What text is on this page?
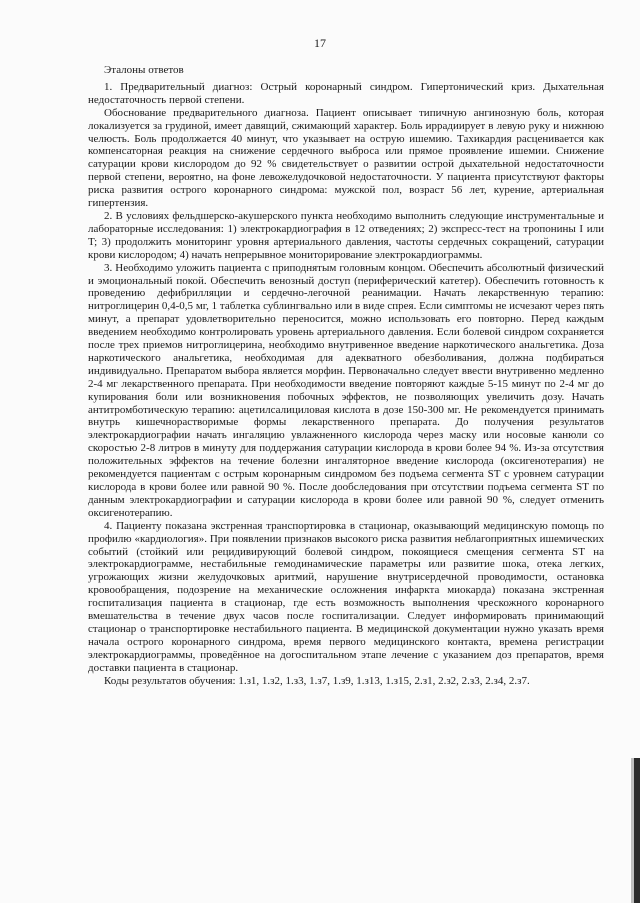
17

Эталоны ответов

1. Предварительный диагноз: Острый коронарный синдром. Гипертонический криз. Дыхательная недостаточность первой степени.

Обоснование предварительного диагноза. Пациент описывает типичную ангинозную боль, которая локализуется за грудиной, имеет давящий, сжимающий характер. Боль иррадиирует в левую руку и нижнюю челюсть. Боль продолжается 40 минут, что указывает на острую ишемию. Тахикардия расценивается как компенсаторная реакция на снижение сердечного выброса или прямое проявление ишемии. Снижение сатурации крови кислородом до 92 % свидетельствует о развитии острой дыхательной недостаточности первой степени, вероятно, на фоне левожелудочковой недостаточности. У пациента присутствуют факторы риска развития острого коронарного синдрома: мужской пол, возраст 56 лет, курение, артериальная гипертензия.

2. В условиях фельдшерско-акушерского пункта необходимо выполнить следующие инструментальные и лабораторные исследования: 1) электрокардиография в 12 отведениях; 2) экспресс-тест на тропонины I или T; 3) продолжить мониторинг уровня артериального давления, частоты сердечных сокращений, сатурации крови кислородом; 4) начать непрерывное мониторирование электрокардиограммы.

3. Необходимо уложить пациента с приподнятым головным концом. Обеспечить абсолютный физический и эмоциональный покой. Обеспечить венозный доступ (периферический катетер). Обеспечить готовность к проведению дефибрилляции и сердечно-легочной реанимации. Начать лекарственную терапию: нитроглицерин 0,4-0,5 мг, 1 таблетка сублингвально или в виде спрея. Если симптомы не исчезают через пять минут, а препарат удовлетворительно переносится, можно использовать его повторно. Перед каждым введением необходимо контролировать уровень артериального давления. Если болевой синдром сохраняется после трех приемов нитроглицерина, необходимо внутривенное введение наркотического анальгетика. Доза наркотического анальгетика, необходимая для адекватного обезболивания, должна подбираться индивидуально. Препаратом выбора является морфин. Первоначально следует ввести внутривенно медленно 2-4 мг лекарственного препарата. При необходимости введение повторяют каждые 5-15 минут по 2-4 мг до купирования боли или возникновения побочных эффектов, не позволяющих увеличить дозу. Начать антитромботическую терапию: ацетилсалициловая кислота в дозе 150-300 мг. Не рекомендуется принимать внутрь кишечнорастворимые формы лекарственного препарата. До получения результатов электрокардиографии начать ингаляцию увлажненного кислорода через маску или носовые канюли со скоростью 2-8 литров в минуту для поддержания сатурации кислорода в крови более 94 %. Из-за отсутствия положительных эффектов на течение болезни ингаляторное введение кислорода (оксигенотерапия) не рекомендуется пациентам с острым коронарным синдромом без подъема сегмента ST с уровнем сатурации кислорода в крови более или равной 90 %. После дообследования при отсутствии подъема сегмента ST по данным электрокардиографии и сатурации кислорода в крови более или равной 90 %, следует отменить оксигенотерапию.

4. Пациенту показана экстренная транспортировка в стационар, оказывающий медицинскую помощь по профилю «кардиология». При появлении признаков высокого риска развития неблагоприятных ишемических событий (стойкий или рецидивирующий болевой синдром, покоящиеся смещения сегмента ST на электрокардиограмме, нестабильные гемодинамические параметры или развитие шока, отека легких, угрожающих жизни желудочковых аритмий, нарушение внутрисердечной проводимости, остановка кровообращения, подозрение на механические осложнения инфаркта миокарда) показана экстренная госпитализация пациента в стационар, где есть возможность выполнения чрескожного коронарного вмешательства в течение двух часов после госпитализации. Следует информировать принимающий стационар о транспортировке нестабильного пациента. В медицинской документации нужно указать время начала острого коронарного синдрома, время первого медицинского контакта, времена регистрации электрокардиограммы, проведённое на догоспитальном этапе лечение с указанием доз препаратов, время доставки пациента в стационар.

Коды результатов обучения: 1.з1, 1.з2, 1.з3, 1.з7, 1.з9, 1.з13, 1.з15, 2.з1, 2.з2, 2.з3, 2.з4, 2.з7.
